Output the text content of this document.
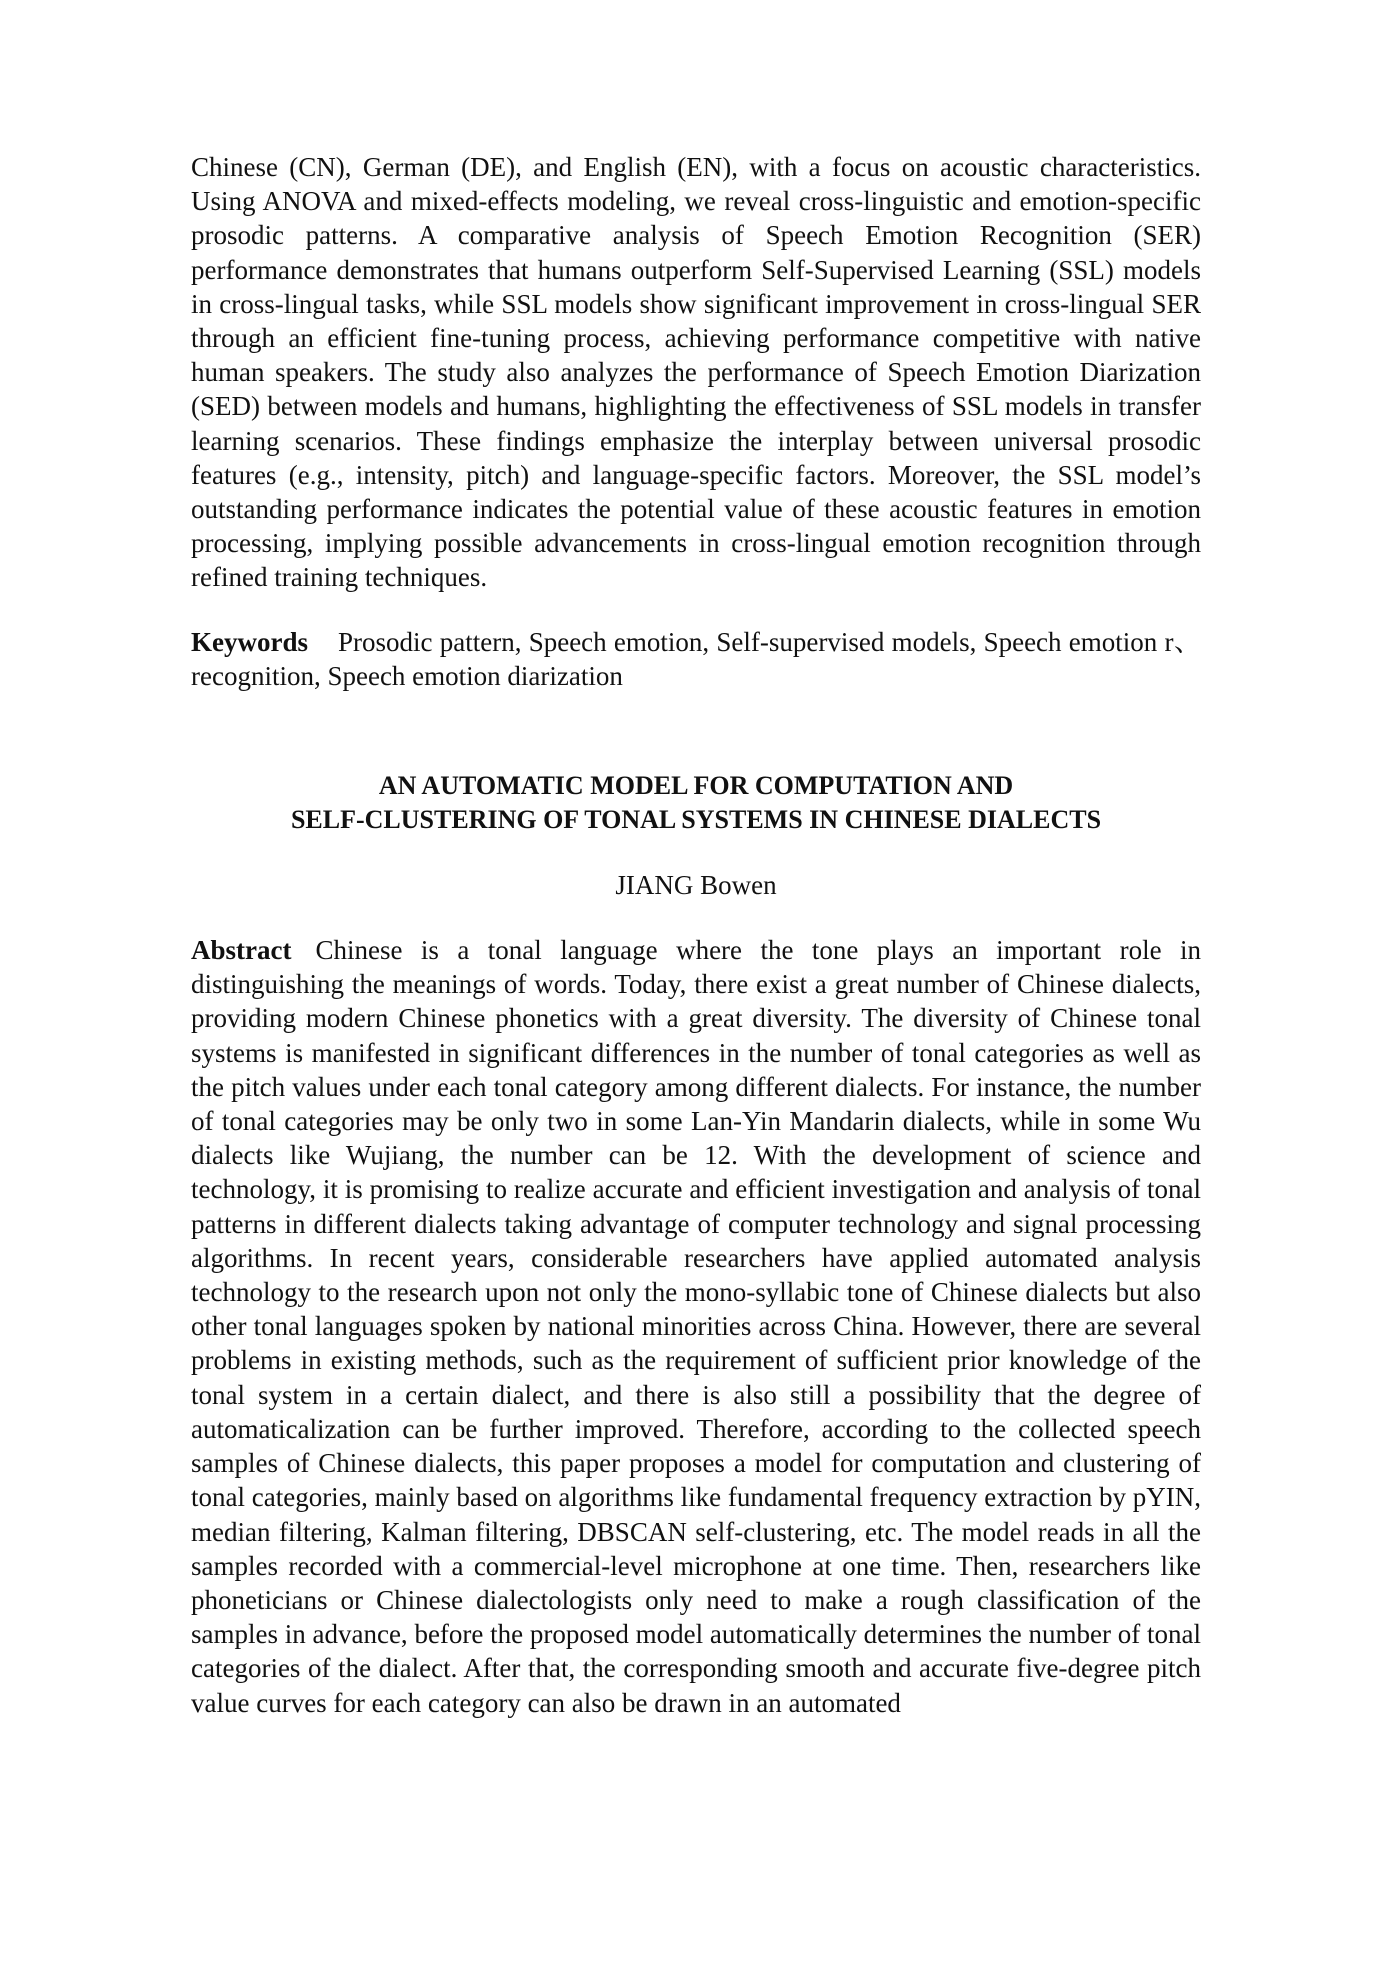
Chinese (CN), German (DE), and English (EN), with a focus on acoustic characteristics. Using ANOVA and mixed-effects modeling, we reveal cross-linguistic and emotion-specific prosodic patterns. A comparative analysis of Speech Emotion Recognition (SER) performance demonstrates that humans outperform Self-Supervised Learning (SSL) models in cross-lingual tasks, while SSL models show significant improvement in cross-lingual SER through an efficient fine-tuning process, achieving performance competitive with native human speakers. The study also analyzes the performance of Speech Emotion Diarization (SED) between models and humans, highlighting the effectiveness of SSL models in transfer learning scenarios. These findings emphasize the interplay between universal prosodic features (e.g., intensity, pitch) and language-specific factors. Moreover, the SSL model’s outstanding performance indicates the potential value of these acoustic features in emotion processing, implying possible advancements in cross-lingual emotion recognition through refined training techniques.

Keywords Prosodic pattern, Speech emotion, Self-supervised models, Speech emotion r、recognition, Speech emotion diarization

AN AUTOMATIC MODEL FOR COMPUTATION AND
SELF-CLUSTERING OF TONAL SYSTEMS IN CHINESE DIALECTS
JIANG Bowen

Abstract Chinese is a tonal language where the tone plays an important role in distinguishing the meanings of words. Today, there exist a great number of Chinese dialects, providing modern Chinese phonetics with a great diversity. The diversity of Chinese tonal systems is manifested in significant differences in the number of tonal categories as well as the pitch values under each tonal category among different dialects. For instance, the number of tonal categories may be only two in some Lan-Yin Mandarin dialects, while in some Wu dialects like Wujiang, the number can be 12. With the development of science and technology, it is promising to realize accurate and efficient investigation and analysis of tonal patterns in different dialects taking advantage of computer technology and signal processing algorithms. In recent years, considerable researchers have applied automated analysis technology to the research upon not only the mono-syllabic tone of Chinese dialects but also other tonal languages spoken by national minorities across China. However, there are several problems in existing methods, such as the requirement of sufficient prior knowledge of the tonal system in a certain dialect, and there is also still a possibility that the degree of automaticalization can be further improved. Therefore, according to the collected speech samples of Chinese dialects, this paper proposes a model for computation and clustering of tonal categories, mainly based on algorithms like fundamental frequency extraction by pYIN, median filtering, Kalman filtering, DBSCAN self-clustering, etc. The model reads in all the samples recorded with a commercial-level microphone at one time. Then, researchers like phoneticians or Chinese dialectologists only need to make a rough classification of the samples in advance, before the proposed model automatically determines the number of tonal categories of the dialect. After that, the corresponding smooth and accurate five-degree pitch value curves for each category can also be drawn in an automated
